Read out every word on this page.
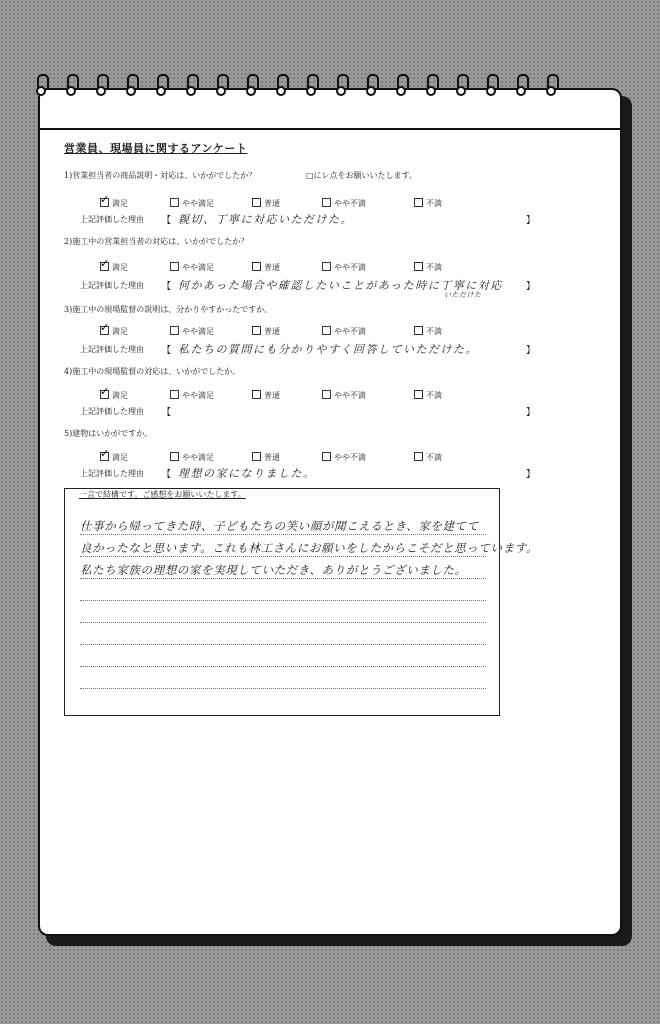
営業員、現場員に関するアンケート
1)営業担当者の商品説明・対応は、いかがでしたか？	□にレ点をお願いいたします。
✓満足	やや満足	普通	やや不満	不満
上記評価した理由 【	】
親切、丁寧に対応いただけた。
2)施工中の営業担当者の対応は、いかがでしたか？
✓満足	やや満足	普通	やや不満	不満
上記評価した理由 【	】
何かあった場合や確認したいことがあった時に丁寧に対応
いただけた
3)施工中の現場監督の説明は、分かりやすかったですか。
✓満足	やや満足	普通	やや不満	不満
上記評価した理由 【	】
私たちの質問にも分かりやすく回答していただけた。
4)施工中の現場監督の対応は、いかがでしたか。
✓満足	やや満足	普通	やや不満	不満
上記評価した理由 【	】
5)建物はいかがですか。
✓満足	やや満足	普通	やや不満	不満
上記評価した理由 【	】
理想の家になりました。
仕事から帰ってきた時、子どもたちの笑い顔が聞こえるとき、家を建てて
良かったなと思います。これも林工さんにお願いをしたからこそだと思っています。
私たち家族の理想の家を実現していただき、ありがとうございました。
一言で結構です。ご感想をお願いいたします。
